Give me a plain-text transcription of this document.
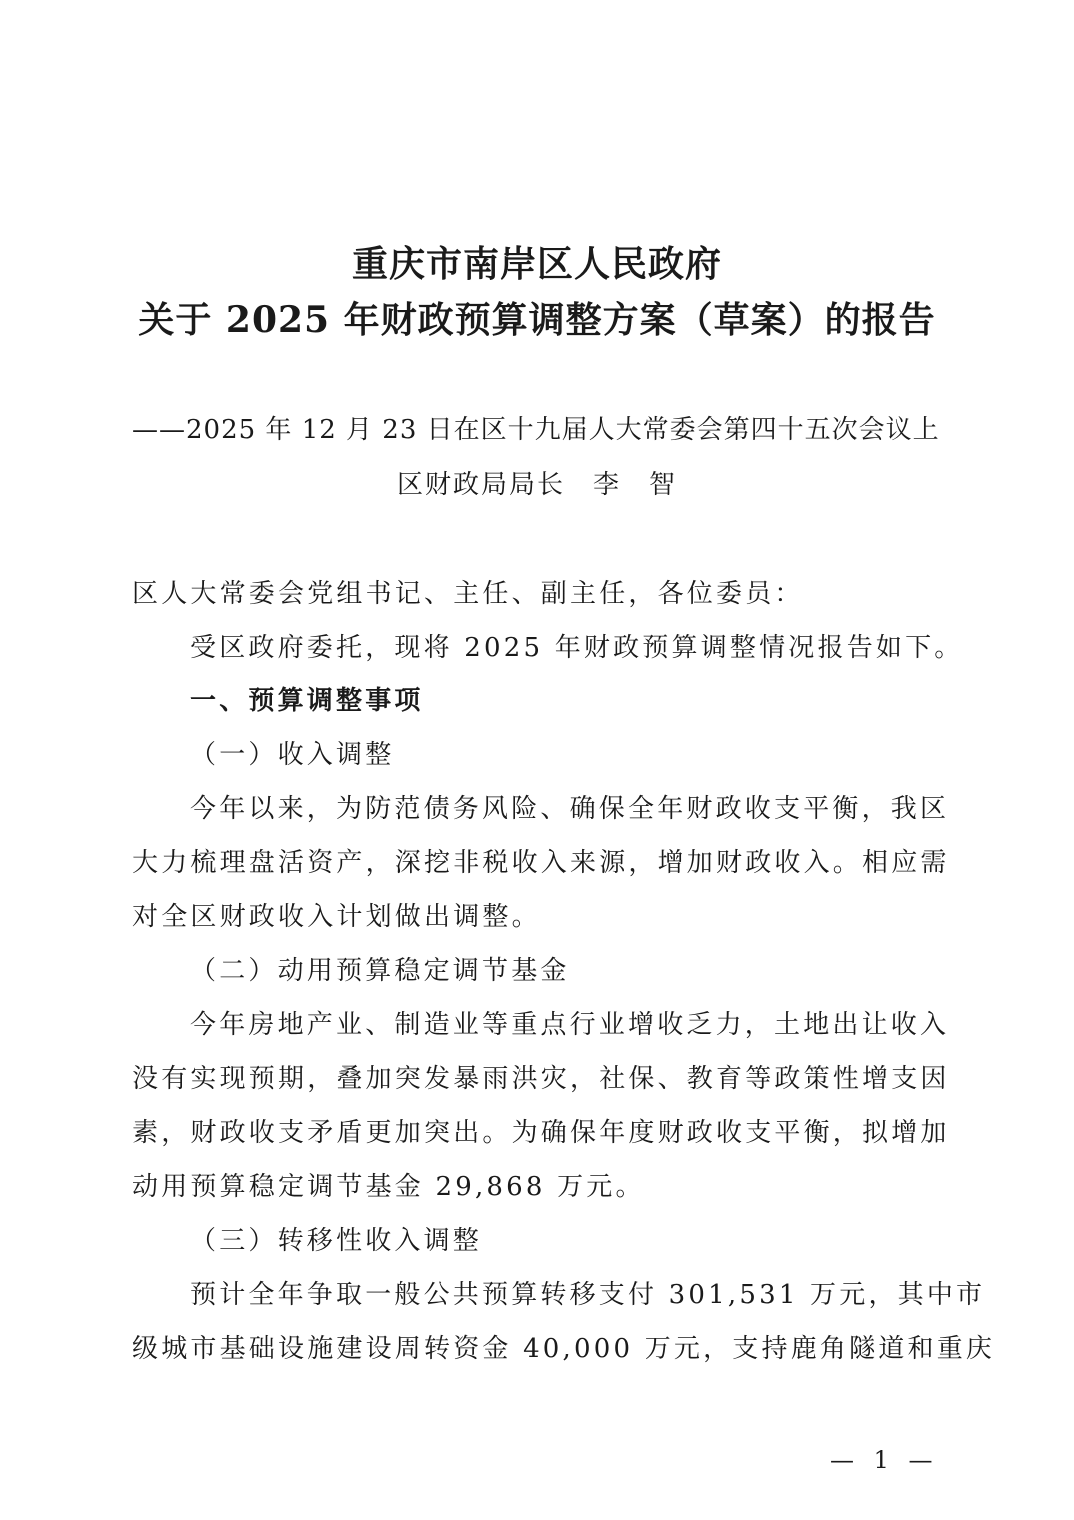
重庆市南岸区人民政府
关于 2025 年财政预算调整方案（草案）的报告
——2025 年 12 月 23 日在区十九届人大常委会第四十五次会议上
区财政局局长　李　智
区人大常委会党组书记、主任、副主任，各位委员：
受区政府委托，现将 2025 年财政预算调整情况报告如下。
一、预算调整事项
（一）收入调整
今年以来，为防范债务风险、确保全年财政收支平衡，我区
大力梳理盘活资产，深挖非税收入来源，增加财政收入。相应需
对全区财政收入计划做出调整。
（二）动用预算稳定调节基金
今年房地产业、制造业等重点行业增收乏力，土地出让收入
没有实现预期，叠加突发暴雨洪灾，社保、教育等政策性增支因
素，财政收支矛盾更加突出。为确保年度财政收支平衡，拟增加
动用预算稳定调节基金 29,868 万元。
（三）转移性收入调整
预计全年争取一般公共预算转移支付 301,531 万元，其中市
级城市基础设施建设周转资金 40,000 万元，支持鹿角隧道和重庆
— 1 —
